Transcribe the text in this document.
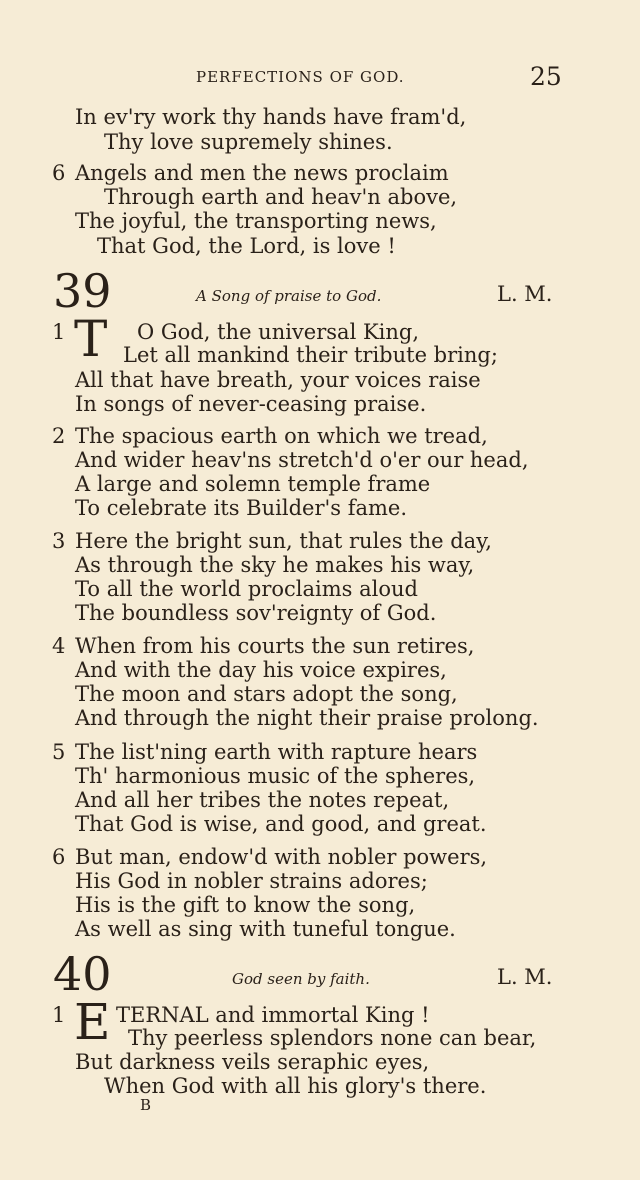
PERFECTIONS OF GOD.	25
In ev'ry work thy hands have fram'd,
Thy love supremely shines.
6 Angels and men the news proclaim
Through earth and heav'n above,
The joyful, the transporting news,
That God, the Lord, is love !
39	A Song of praise to God.	L. M.
1 T O God, the universal King,
Let all mankind their tribute bring;
All that have breath, your voices raise
In songs of never-ceasing praise.
2 The spacious earth on which we tread,
And wider heav'ns stretch'd o'er our head,
A large and solemn temple frame
To celebrate its Builder's fame.
3 Here the bright sun, that rules the day,
As through the sky he makes his way,
To all the world proclaims aloud
The boundless sov'reignty of God.
4 When from his courts the sun retires,
And with the day his voice expires,
The moon and stars adopt the song,
And through the night their praise prolong.
5 The list'ning earth with rapture hears
Th' harmonious music of the spheres,
And all her tribes the notes repeat,
That God is wise, and good, and great.
6 But man, endow'd with nobler powers,
His God in nobler strains adores;
His is the gift to know the song,
As well as sing with tuneful tongue.
40	God seen by faith.	L. M.
1 E TERNAL and immortal King !
Thy peerless splendors none can bear,
But darkness veils seraphic eyes,
When God with all his glory's there.
B
